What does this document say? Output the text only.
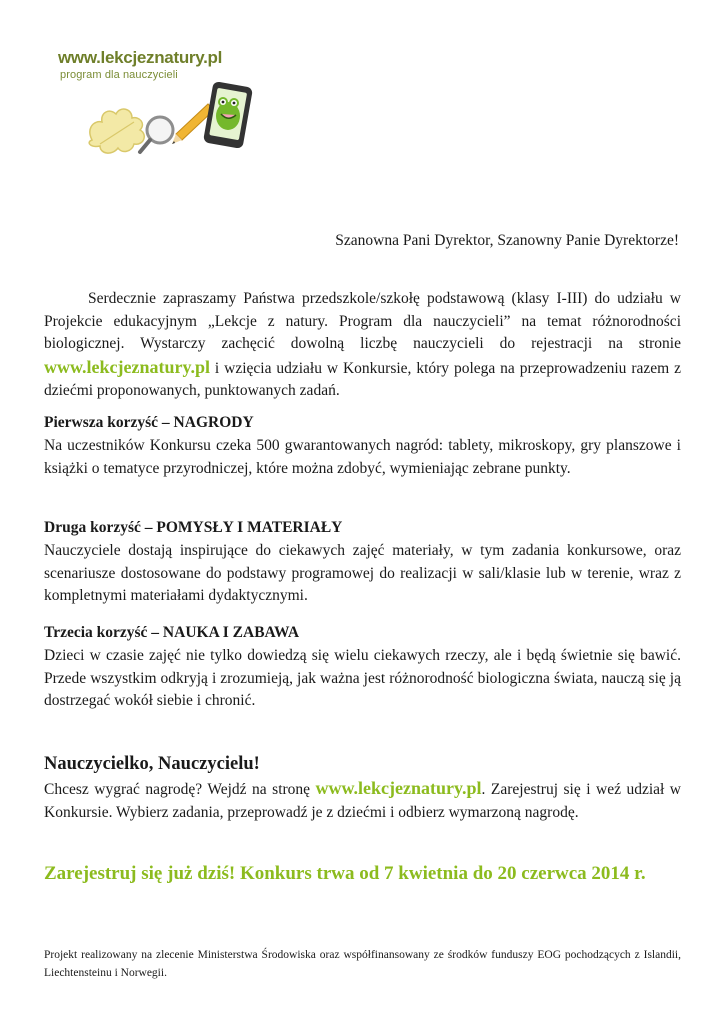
www.lekcjeznatury.pl
program dla nauczycieli
Szanowna Pani Dyrektor, Szanowny Panie Dyrektorze!

Serdecznie zapraszamy Państwa przedszkole/szkołę podstawową (klasy I-III) do udziału w Projekcie edukacyjnym „Lekcje z natury. Program dla nauczycieli” na temat różnorodności biologicznej. Wystarczy zachęcić dowolną liczbę nauczycieli do rejestracji na stronie www.lekcjeznatury.pl i wzięcia udziału w Konkursie, który polega na przeprowadzeniu razem z dziećmi proponowanych, punktowanych zadań.

Pierwsza korzyść – NAGRODY

Na uczestników Konkursu czeka 500 gwarantowanych nagród: tablety, mikroskopy, gry planszowe i książki o tematyce przyrodniczej, które można zdobyć, wymieniając zebrane punkty.

Druga korzyść – POMYSŁY I MATERIAŁY

Nauczyciele dostają inspirujące do ciekawych zajęć materiały, w tym zadania konkursowe, oraz scenariusze dostosowane do podstawy programowej do realizacji w sali/klasie lub w terenie, wraz z kompletnymi materiałami dydaktycznymi.

Trzecia korzyść – NAUKA I ZABAWA

Dzieci w czasie zajęć nie tylko dowiedzą się wielu ciekawych rzeczy, ale i będą świetnie się bawić. Przede wszystkim odkryją i zrozumieją, jak ważna jest różnorodność biologiczna świata, nauczą się ją dostrzegać wokół siebie i chronić.

Nauczycielko, Nauczycielu!

Chcesz wygrać nagrodę? Wejdź na stronę www.lekcjeznatury.pl. Zarejestruj się i weź udział w Konkursie. Wybierz zadania, przeprowadź je z dziećmi i odbierz wymarzoną nagrodę.

Zarejestruj się już dziś! Konkurs trwa od 7 kwietnia do 20 czerwca 2014 r.
Projekt realizowany na zlecenie Ministerstwa Środowiska oraz współfinansowany ze środków funduszy EOG pochodzących z Islandii, Liechtensteinu i Norwegii.
